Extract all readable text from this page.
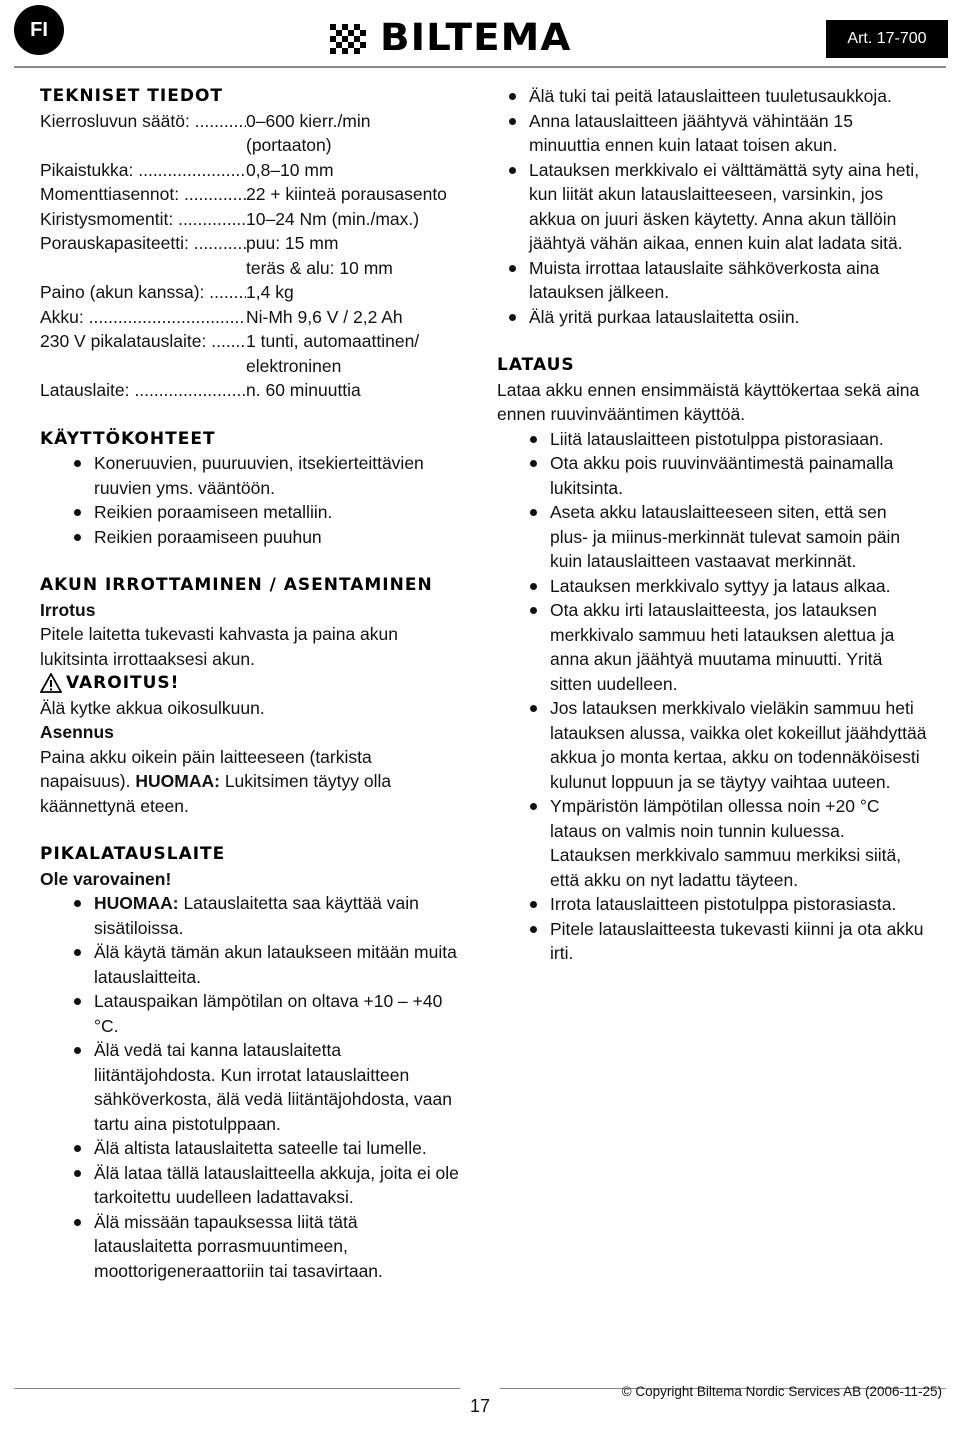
FI	BILTEMA	Art. 17-700
TEKNISET TIEDOT
Kierrosluvun säätö: .....	0–600 kierr./min (portaaton)
Pikaistukka: .....	0,8–10 mm
Momenttiasennot: .....	22 + kiinteä porausasento
Kiristysmomentit: .....	10–24 Nm (min./max.)
Porauskapasiteetti: .....	puu: 15 mm
teräs & alu: 10 mm
Paino (akun kanssa): .....	1,4 kg
Akku: .....	Ni-Mh 9,6 V / 2,2 Ah
230 V pikalatauslaite: .....	1 tunti, automaattinen/ elektroninen
Latauslaite: .....	n. 60 minuuttia
KÄYTTÖKOHTEET
Koneruuvien, puuruuvien, itsekierteittävien ruuvien yms. vääntöön.
Reikien poraamiseen metalliin.
Reikien poraamiseen puuhun
AKUN IRROTTAMINEN / ASENTAMINEN
Irrotus
Pitele laitetta tukevasti kahvasta ja paina akun lukitsinta irrottaaksesi akun.
VAROITUS!
Älä kytke akkua oikosulkuun.
Asennus
Paina akku oikein päin laitteeseen (tarkista napaisuus). HUOMAA: Lukitsimen täytyy olla käännettynä eteen.
PIKALATAUSLAITE
Ole varovainen!
HUOMAA: Latauslaitetta saa käyttää vain sisätiloissa.
Älä käytä tämän akun lataukseen mitään muita latauslaitteita.
Latauspaikan lämpötilan on oltava +10 – +40 °C.
Älä vedä tai kanna latauslaitetta liitäntäjohdosta. Kun irrotat latauslaitteen sähköverkosta, älä vedä liitäntäjohdosta, vaan tartu aina pistotulppaan.
Älä altista latauslaitetta sateelle tai lumelle.
Älä lataa tällä latauslaitteella akkuja, joita ei ole tarkoitettu uudelleen ladattavaksi.
Älä missään tapauksessa liitä tätä latauslaitetta porrasmuuntimeen, moottorigeneraattoriin tai tasavirtaan.
Älä tuki tai peitä latauslaitteen tuuletusaukkoja.
Anna latauslaitteen jäähtyvä vähintään 15 minuuttia ennen kuin lataat toisen akun.
Latauksen merkkivalo ei välttämättä syty aina heti, kun liität akun latauslaitteeseen, varsinkin, jos akkua on juuri äsken käytetty. Anna akun tällöin jäähtyä vähän aikaa, ennen kuin alat ladata sitä.
Muista irrottaa latauslaite sähköverkosta aina latauksen jälkeen.
Älä yritä purkaa latauslaitetta osiin.
LATAUS
Lataa akku ennen ensimmäistä käyttökertaa sekä aina ennen ruuvinvääntimen käyttöä.
Liitä latauslaitteen pistotulppa pistorasiaan.
Ota akku pois ruuvinvääntimestä painamalla lukitsinta.
Aseta akku latauslaitteeseen siten, että sen plus- ja miinus-merkinnät tulevat samoin päin kuin latauslaitteen vastaavat merkinnät.
Latauksen merkkivalo syttyy ja lataus alkaa.
Ota akku irti latauslaitteesta, jos latauksen merkkivalo sammuu heti latauksen alettua ja anna akun jäähtyä muutama minuutti. Yritä sitten uudelleen.
Jos latauksen merkkivalo vieläkin sammuu heti latauksen alussa, vaikka olet kokeillut jäähdyttää akkua jo monta kertaa, akku on todennäköisesti kulunut loppuun ja se täytyy vaihtaa uuteen.
Ympäristön lämpötilan ollessa noin +20 °C lataus on valmis noin tunnin kuluessa. Latauksen merkkivalo sammuu merkiksi siitä, että akku on nyt ladattu täyteen.
Irrota latauslaitteen pistotulppa pistorasiasta.
Pitele latauslaitteesta tukevasti kiinni ja ota akku irti.
17
© Copyright Biltema Nordic Services AB (2006-11-25)
